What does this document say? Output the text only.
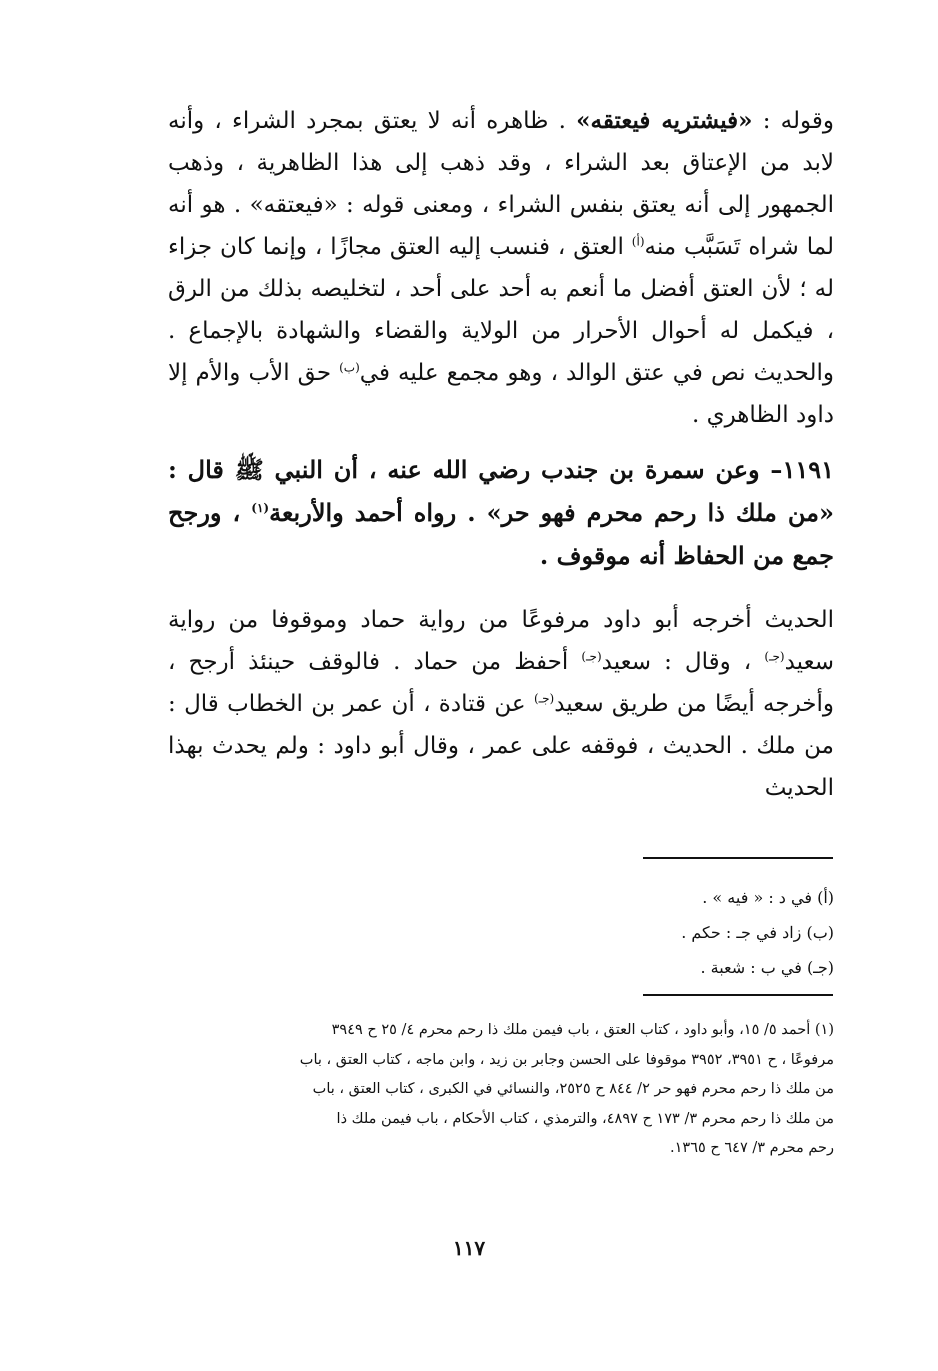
وقوله : «فيشتريه فيعتقه» . ظاهره أنه لا يعتق بمجرد الشراء ، وأنه لابد من الإعتاق بعد الشراء ، وقد ذهب إلى هذا الظاهرية ، وذهب الجمهور إلى أنه يعتق بنفس الشراء ، ومعنى قوله : «فيعتقه» . هو أنه لما شراه تَسَبَّب منه$^{(أ)}$ العتق ، فنسب إليه العتق مجازًا ، وإنما كان جزاء له ؛ لأن العتق أفضل ما أنعم به أحد على أحد ، لتخليصه بذلك من الرق ، فيكمل له أحوال الأحرار من الولاية والقضاء والشهادة بالإجماع . والحديث نص في عتق الوالد ، وهو مجمع عليه في$^{(ب)}$ حق الأب والأم إلا داود الظاهري .

١١٩١– وعن سمرة بن جندب رضي الله عنه ، أن النبي ﷺ قال : «من ملك ذا رحم محرم فهو حر» . رواه أحمد والأربعة$^{(١)}$ ، ورجح جمع من الحفاظ أنه موقوف .

الحديث أخرجه أبو داود مرفوعًا من رواية حماد وموقوفا من رواية سعيد$^{(جـ)}$ ، وقال : سعيد$^{(جـ)}$ أحفظ من حماد . فالوقف حينئذ أرجح ، وأخرجه أيضًا من طريق سعيد$^{(جـ)}$ عن قتادة ، أن عمر بن الخطاب قال : من ملك . الحديث ، فوقفه على عمر ، وقال أبو داود : ولم يحدث بهذا الحديث

(أ) في د : « فيه » .
(ب) زاد في جـ : حكم .
(جـ) في ب : شعبة .
(١) أحمد ٥/ ١٥، وأبو داود ، كتاب العتق ، باب فيمن ملك ذا رحم محرم ٤/ ٢٥ ح ٣٩٤٩
مرفوعًا ، ح ٣٩٥١، ٣٩٥٢ موقوفا على الحسن وجابر بن زيد ، وابن ماجه ، كتاب العتق ، باب
من ملك ذا رحم محرم فهو حر ٢/ ٨٤٤ ح ٢٥٢٥، والنسائي في الكبرى ، كتاب العتق ، باب
من ملك ذا رحم محرم ٣/ ١٧٣ ح ٤٨٩٧، والترمذي ، كتاب الأحكام ، باب فيمن ملك ذا
رحم محرم ٣/ ٦٤٧ ح ١٣٦٥.
١١٧
